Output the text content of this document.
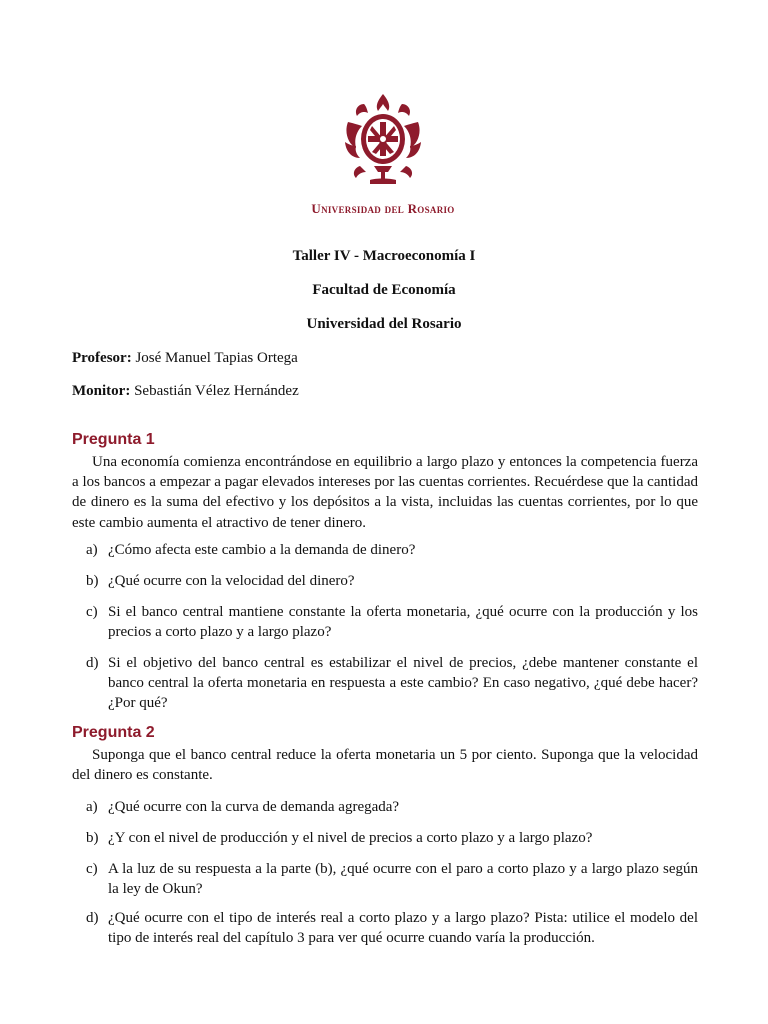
Universidad del Rosario
Taller IV - Macroeconomía I
Facultad de Economía
Universidad del Rosario
Profesor: José Manuel Tapias Ortega
Monitor: Sebastián Vélez Hernández
Pregunta 1
Una economía comienza encontrándose en equilibrio a largo plazo y entonces la competencia fuerza a los bancos a empezar a pagar elevados intereses por las cuentas corrientes. Recuérdese que la cantidad de dinero es la suma del efectivo y los depósitos a la vista, incluidas las cuentas corrientes, por lo que este cambio aumenta el atractivo de tener dinero.
a) ¿Cómo afecta este cambio a la demanda de dinero?
b) ¿Qué ocurre con la velocidad del dinero?
c) Si el banco central mantiene constante la oferta monetaria, ¿qué ocurre con la producción y los precios a corto plazo y a largo plazo?
d) Si el objetivo del banco central es estabilizar el nivel de precios, ¿debe mantener constante el banco central la oferta monetaria en respuesta a este cambio? En caso negativo, ¿qué debe hacer? ¿Por qué?
Pregunta 2
Suponga que el banco central reduce la oferta monetaria un 5 por ciento. Suponga que la velocidad del dinero es constante.
a) ¿Qué ocurre con la curva de demanda agregada?
b) ¿Y con el nivel de producción y el nivel de precios a corto plazo y a largo plazo?
c) A la luz de su respuesta a la parte (b), ¿qué ocurre con el paro a corto plazo y a largo plazo según la ley de Okun?
d) ¿Qué ocurre con el tipo de interés real a corto plazo y a largo plazo? Pista: utilice el modelo del tipo de interés real del capítulo 3 para ver qué ocurre cuando varía la producción.
